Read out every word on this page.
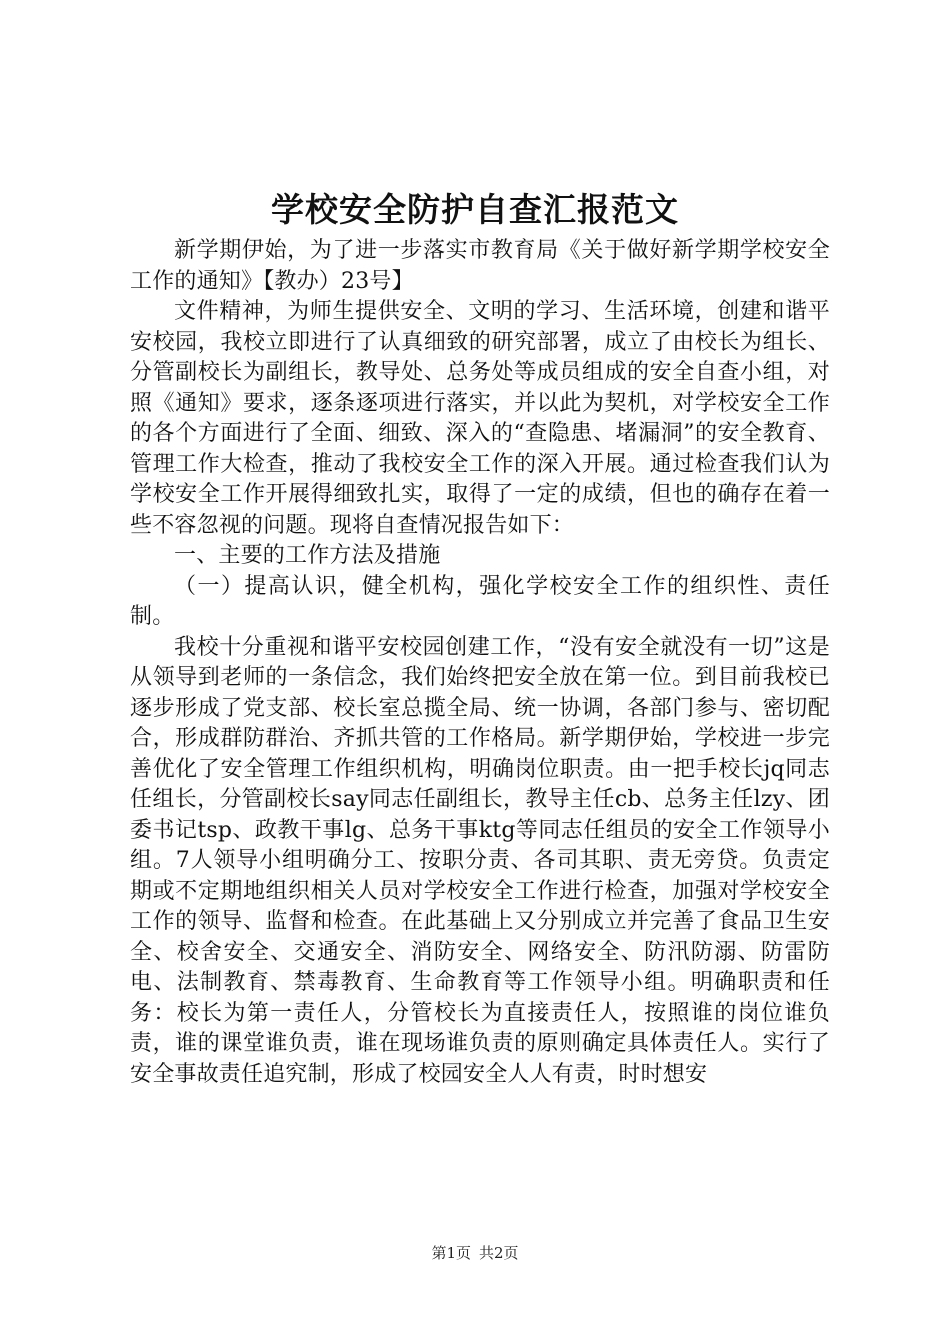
学校安全防护自查汇报范文

新学期伊始，为了进一步落实市教育局《关于做好新学期学校安全工作的通知》【教办）23号】

文件精神，为师生提供安全、文明的学习、生活环境，创建和谐平安校园，我校立即进行了认真细致的研究部署，成立了由校长为组长、分管副校长为副组长，教导处、总务处等成员组成的安全自查小组，对照《通知》要求，逐条逐项进行落实，并以此为契机，对学校安全工作的各个方面进行了全面、细致、深入的“查隐患、堵漏洞”的安全教育、管理工作大检查，推动了我校安全工作的深入开展。通过检查我们认为学校安全工作开展得细致扎实，取得了一定的成绩，但也的确存在着一些不容忽视的问题。现将自查情况报告如下：

一、主要的工作方法及措施

（一）提高认识，健全机构，强化学校安全工作的组织性、责任制。

我校十分重视和谐平安校园创建工作，“没有安全就没有一切”这是从领导到老师的一条信念，我们始终把安全放在第一位。到目前我校已逐步形成了党支部、校长室总揽全局、统一协调，各部门参与、密切配合，形成群防群治、齐抓共管的工作格局。新学期伊始，学校进一步完善优化了安全管理工作组织机构，明确岗位职责。由一把手校长jq同志任组长，分管副校长say同志任副组长，教导主任cb、总务主任lzy、团委书记tsp、政教干事lg、总务干事ktg等同志任组员的安全工作领导小组。7人领导小组明确分工、按职分责、各司其职、责无旁贷。负责定期或不定期地组织相关人员对学校安全工作进行检查，加强对学校安全工作的领导、监督和检查。在此基础上又分别成立并完善了食品卫生安全、校舍安全、交通安全、消防安全、网络安全、防汛防溺、防雷防电、法制教育、禁毒教育、生命教育等工作领导小组。明确职责和任务：校长为第一责任人，分管校长为直接责任人，按照谁的岗位谁负责，谁的课堂谁负责，谁在现场谁负责的原则确定具体责任人。实行了安全事故责任追究制，形成了校园安全人人有责，时时想安

第1页 共2页
